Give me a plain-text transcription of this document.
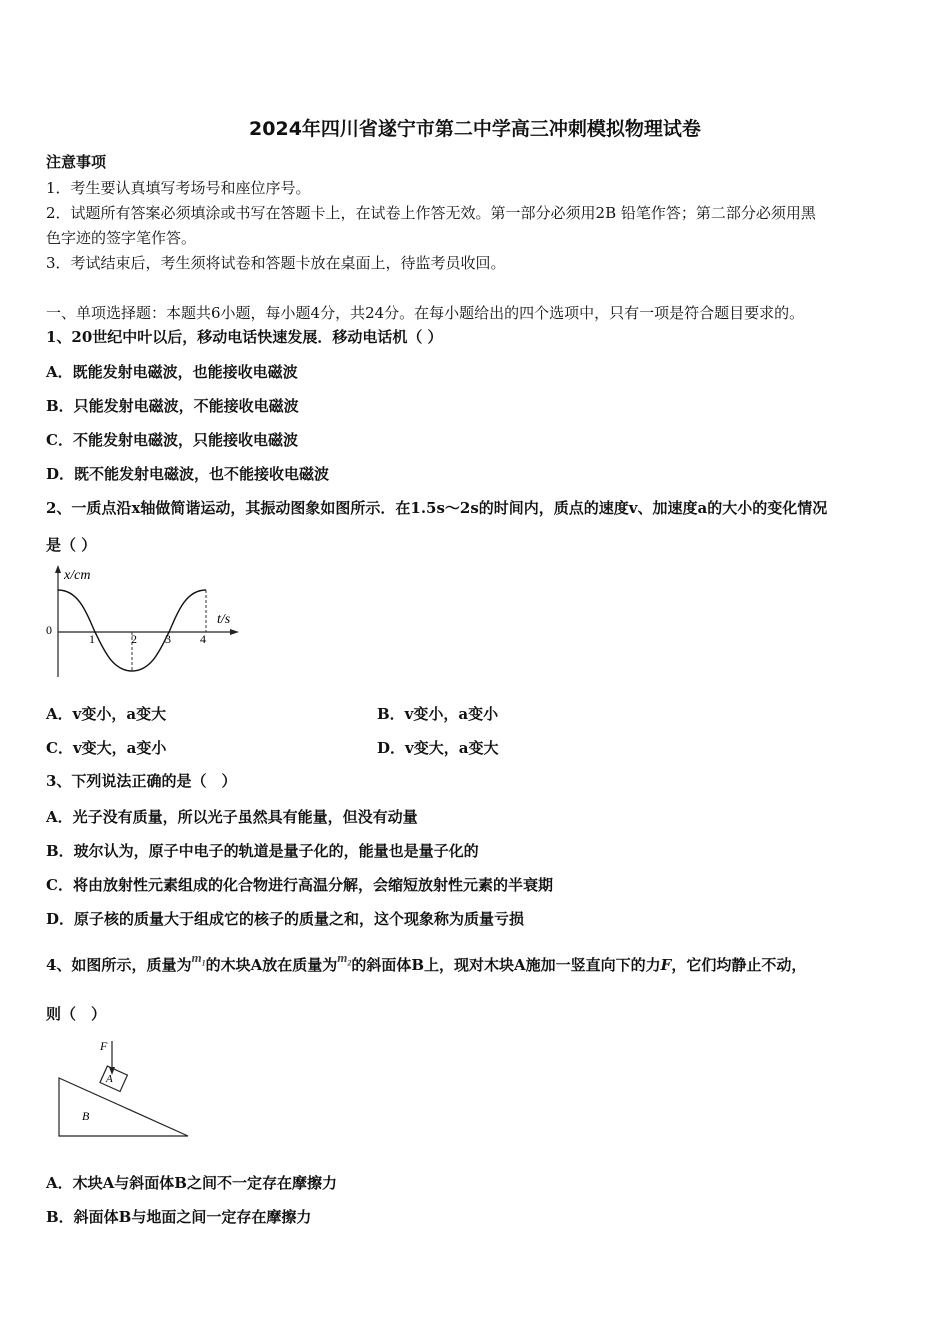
2024年四川省遂宁市第二中学高三冲刺模拟物理试卷
注意事项
1．考生要认真填写考场号和座位序号。
2．试题所有答案必须填涂或书写在答题卡上，在试卷上作答无效。第一部分必须用2B 铅笔作答；第二部分必须用黑
色字迹的签字笔作答。
3．考试结束后，考生须将试卷和答题卡放在桌面上，待监考员收回。
一、单项选择题：本题共6小题，每小题4分，共24分。在每小题给出的四个选项中，只有一项是符合题目要求的。
1、20世纪中叶以后，移动电话快速发展．移动电话机（ ）
A．既能发射电磁波，也能接收电磁波
B．只能发射电磁波，不能接收电磁波
C．不能发射电磁波，只能接收电磁波
D．既不能发射电磁波，也不能接收电磁波
2、一质点沿x轴做简谐运动，其振动图象如图所示．在1.5s～2s的时间内，质点的速度v、加速度a的大小的变化情况
是（ ）
x/cm
t/s
0
1	2 3 4
A．v变小，a变大	B．v变小，a变小
C．v变大，a变小	D．v变大，a变大
3、下列说法正确的是（　）
A．光子没有质量，所以光子虽然具有能量，但没有动量
B．玻尔认为，原子中电子的轨道是量子化的，能量也是量子化的
C．将由放射性元素组成的化合物进行高温分解，会缩短放射性元素的半衰期
D．原子核的质量大于组成它的核子的质量之和，这个现象称为质量亏损
4、如图所示，质量为$m_1$的木块A放在质量为$m_2$的斜面体B上，现对木块A施加一竖直向下的力F，它们均静止不动，
则（　）
A
F
B
A．木块A与斜面体B之间不一定存在摩擦力
B．斜面体B与地面之间一定存在摩擦力
